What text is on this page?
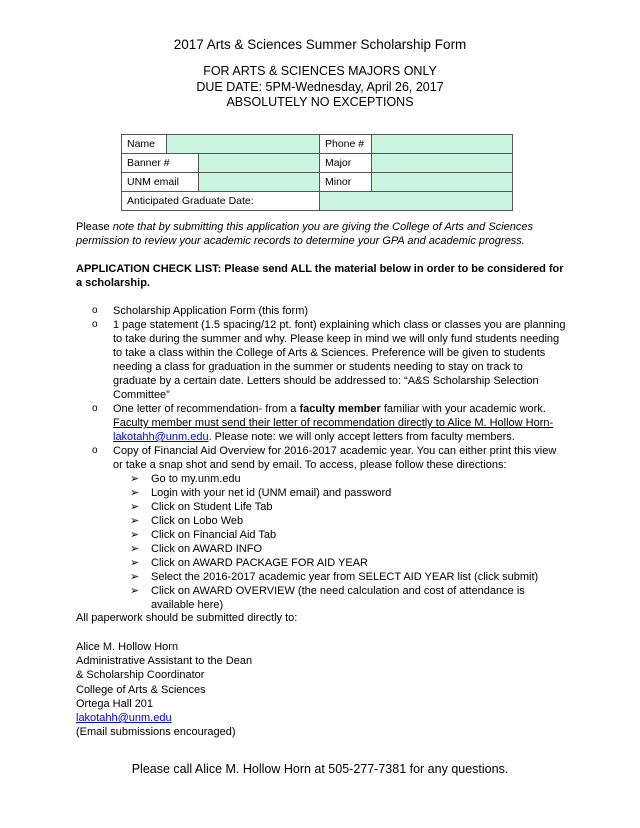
2017 Arts & Sciences Summer Scholarship Form
FOR ARTS & SCIENCES MAJORS ONLY
DUE DATE: 5PM-Wednesday, April 26, 2017
ABSOLUTELY NO EXCEPTIONS
Name			Phone #	
Banner #			Major	
UNM email			Minor	
Anticipated Graduate Date:				
Please note that by submitting this application you are giving the College of Arts and Sciences permission to review your academic records to determine your GPA and academic progress.
APPLICATION CHECK LIST: Please send ALL the material below in order to be considered for a scholarship.

o Scholarship Application Form (this form)

o 1 page statement (1.5 spacing/12 pt. font) explaining which class or classes you are planning to take during the summer and why. Please keep in mind we will only fund students needing to take a class within the College of Arts & Sciences. Preference will be given to students needing a class for graduation in the summer or students needing to stay on track to graduate by a certain date. Letters should be addressed to: “A&S Scholarship Selection Committee”

o One letter of recommendation- from a faculty member familiar with your academic work. Faculty member must send their letter of recommendation directly to Alice M. Hollow Horn-lakotahh@unm.edu. Please note: we will only accept letters from faculty members.

o Copy of Financial Aid Overview for 2016-2017 academic year. You can either print this view or take a snap shot and send by email. To access, please follow these directions:

➢ Go to my.unm.edu

➢ Login with your net id (UNM email) and password

➢ Click on Student Life Tab

➢ Click on Lobo Web

➢ Click on Financial Aid Tab

➢ Click on AWARD INFO

➢ Click on AWARD PACKAGE FOR AID YEAR

➢ Select the 2016-2017 academic year from SELECT AID YEAR list (click submit)

➢ Click on AWARD OVERVIEW (the need calculation and cost of attendance is available here)

All paperwork should be submitted directly to:
Alice M. Hollow Horn
Administrative Assistant to the Dean
& Scholarship Coordinator
College of Arts & Sciences
Ortega Hall 201
lakotahh@unm.edu
(Email submissions encouraged)
Please call Alice M. Hollow Horn at 505-277-7381 for any questions.
